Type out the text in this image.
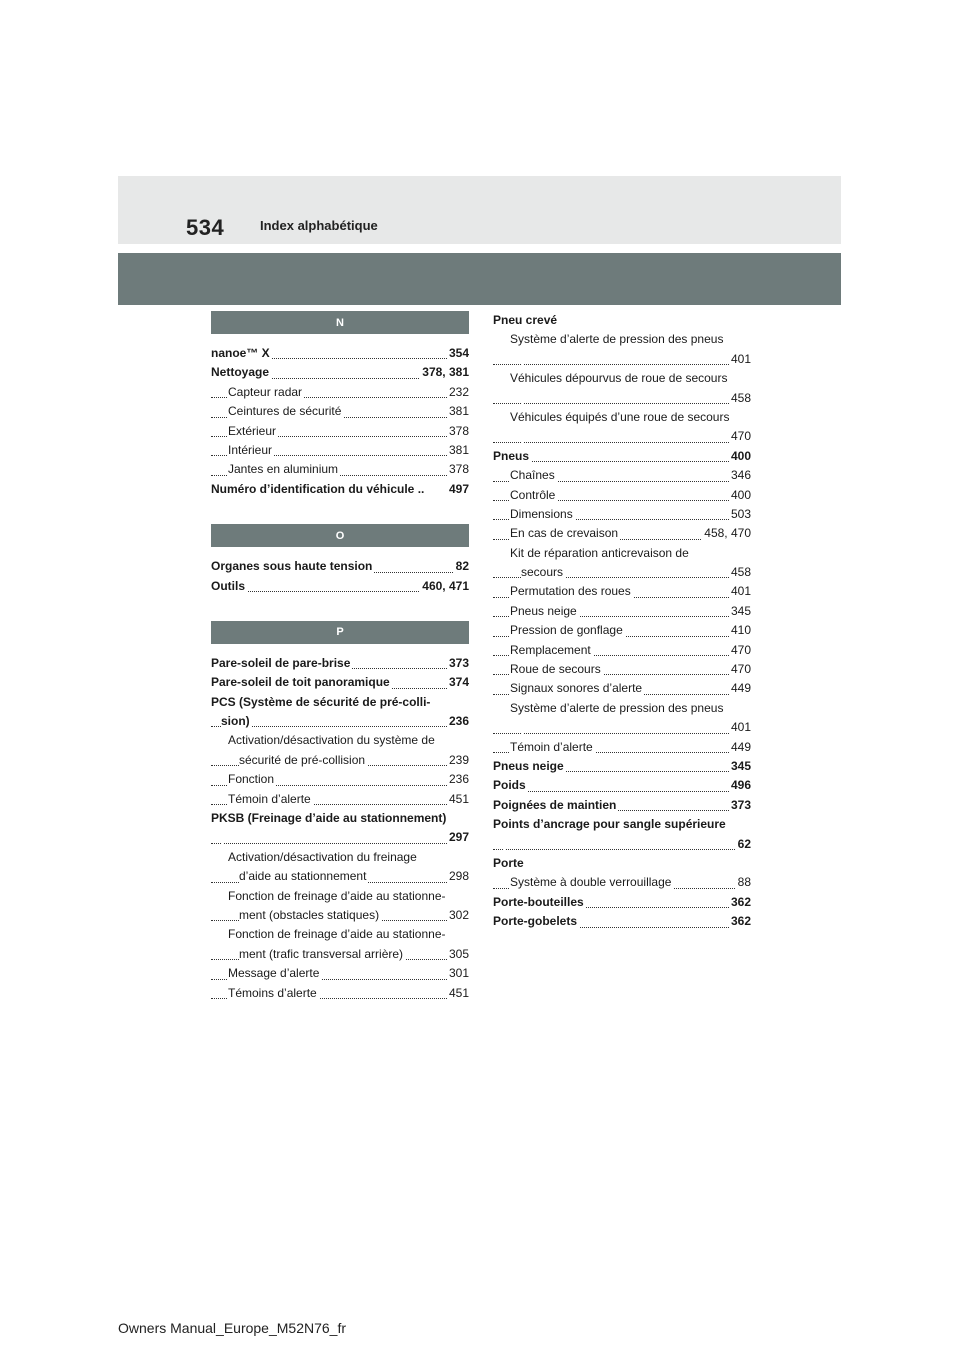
534	Index alphabétique
N
nanoe™ X	354
Nettoyage	378, 381
Capteur radar	232
Ceintures de sécurité	381
Extérieur	378
Intérieur	381
Jantes en aluminium	378
Numéro d’identification du véhicule .. 497
O
Organes sous haute tension	82
Outils	460, 471
P
Pare-soleil de pare-brise	373
Pare-soleil de toit panoramique	374
PCS (Système de sécurité de pré-colli-
sion)	236
Activation/désactivation du système de
sécurité de pré-collision	239
Fonction	236
Témoin d’alerte	451
PKSB (Freinage d’aide au stationnement)
297
Activation/désactivation du freinage
d’aide au stationnement	298
Fonction de freinage d’aide au stationne-
ment (obstacles statiques)	302
Fonction de freinage d’aide au stationne-
ment (trafic transversal arrière)	305
Message d’alerte	301
Témoins d’alerte	451
Pneu crevé
Système d’alerte de pression des pneus
401
Véhicules dépourvus de roue de secours
458
Véhicules équipés d’une roue de secours
470
Pneus	400
Chaînes	346
Contrôle	400
Dimensions	503
En cas de crevaison	458, 470
Kit de réparation anticrevaison de
secours	458
Permutation des roues	401
Pneus neige	345
Pression de gonflage	410
Remplacement	470
Roue de secours	470
Signaux sonores d’alerte	449
Système d’alerte de pression des pneus
401
Témoin d’alerte	449
Pneus neige	345
Poids	496
Poignées de maintien	373
Points d’ancrage pour sangle supérieure
62
Porte
Système à double verrouillage	88
Porte-bouteilles	362
Porte-gobelets	362
Owners Manual_Europe_M52N76_fr
